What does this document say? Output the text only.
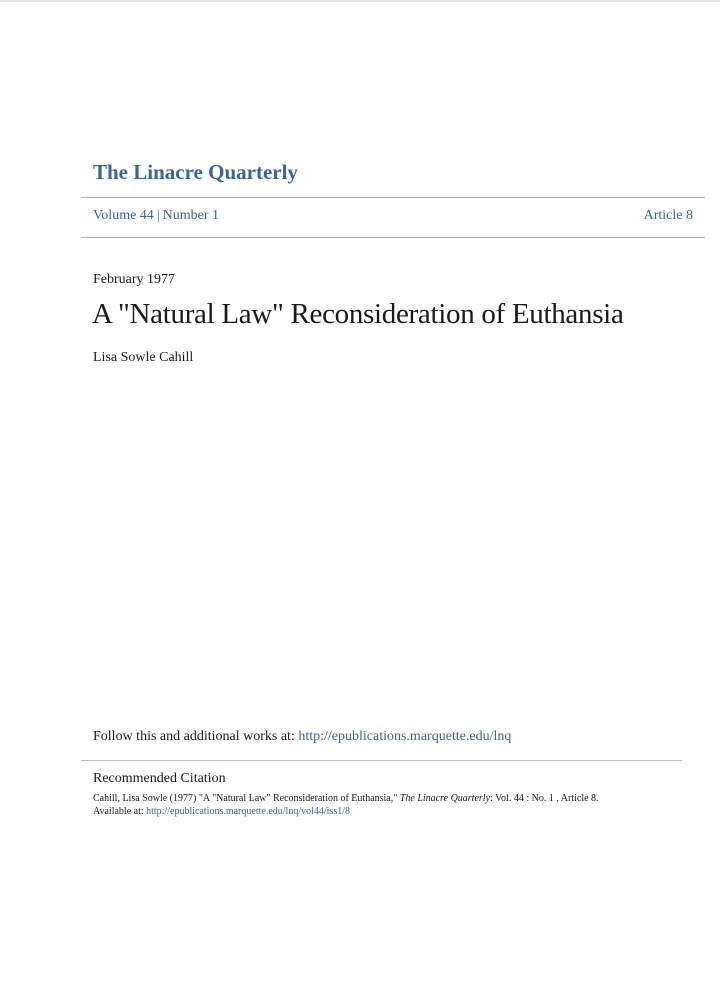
The Linacre Quarterly
Volume 44 | Number 1	Article 8
February 1977
A "Natural Law" Reconsideration of Euthansia
Lisa Sowle Cahill
Follow this and additional works at: http://epublications.marquette.edu/lnq
Recommended Citation
Cahill, Lisa Sowle (1977) "A "Natural Law" Reconsideration of Euthansia," The Linacre Quarterly: Vol. 44 : No. 1 , Article 8.
Available at: http://epublications.marquette.edu/lnq/vol44/iss1/8
